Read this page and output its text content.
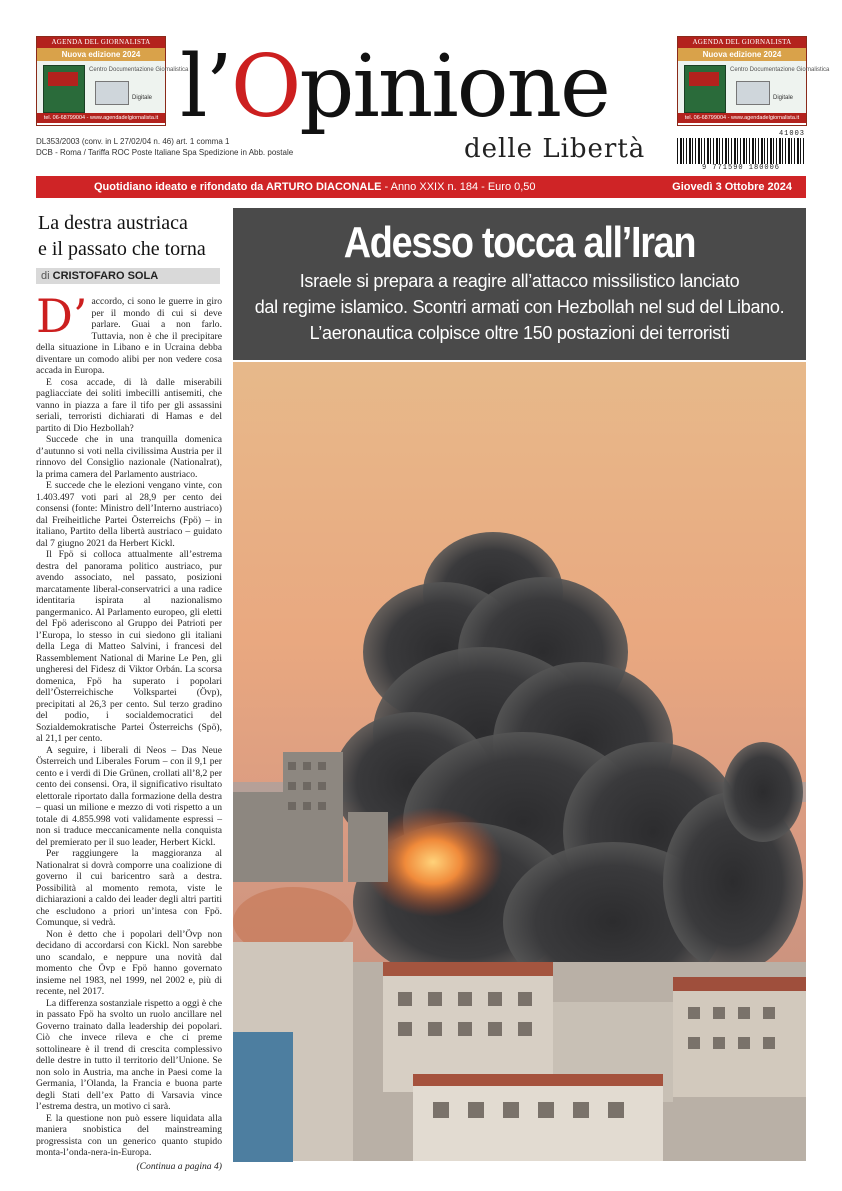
AGENDA DEL GIORNALISTA
Nuova edizione 2024
Centro Documentazione Giornalistica
Digitale
tel. 06-68799004 - www.agendadelgiornalista.it
AGENDA DEL GIORNALISTA
Nuova edizione 2024
Centro Documentazione Giornalistica
Digitale
tel. 06-68799004 - www.agendadelgiornalista.it
l’Opinione
delle Libertà
DL353/2003 (conv. in L 27/02/04 n. 46) art. 1 comma 1
DCB - Roma / Tariffa ROC Poste Italiane Spa Spedizione in Abb. postale
41003
9 771590 180006
Quotidiano ideato e rifondato da ARTURO DIACONALE - Anno XXIX n. 184 - Euro 0,50	Giovedì 3 Ottobre 2024
La destra austriaca
e il passato che torna
di CRISTOFARO SOLA
D’ accordo, ci sono le guerre in giro per il mondo di cui si deve parlare. Guai a non farlo. Tuttavia, non è che il precipitare della situazione in Libano e in Ucraina debba diventare un comodo alibi per non vedere cosa accada in Europa.

E cosa accade, di là dalle miserabili pagliacciate dei soliti imbecilli antisemiti, che vanno in piazza a fare il tifo per gli assassini seriali, terroristi dichiarati di Hamas e del partito di Dio Hezbollah?

Succede che in una tranquilla domenica d’autunno si voti nella civilissima Austria per il rinnovo del Consiglio nazionale (Nationalrat), la prima camera del Parlamento austriaco.

E succede che le elezioni vengano vinte, con 1.403.497 voti pari al 28,9 per cento dei consensi (fonte: Ministro dell’Interno austriaco) dal Freiheitliche Partei Österreichs (Fpö) – in italiano, Partito della libertà austriaco – guidato dal 7 giugno 2021 da Herbert Kickl.

Il Fpö si colloca attualmente all’estrema destra del panorama politico austriaco, pur avendo associato, nel passato, posizioni marcatamente liberal-conservatrici a una radice identitaria ispirata al nazionalismo pangermanico. Al Parlamento europeo, gli eletti del Fpö aderiscono al Gruppo dei Patrioti per l’Europa, lo stesso in cui siedono gli italiani della Lega di Matteo Salvini, i francesi del Rassemblement National di Marine Le Pen, gli ungheresi del Fidesz di Viktor Orbán. La scorsa domenica, Fpö ha superato i popolari dell’Österreichische Volkspartei (Övp), precipitati al 26,3 per cento. Sul terzo gradino del podio, i socialdemocratici del Sozialdemokratische Partei Österreichs (Spö), al 21,1 per cento.

A seguire, i liberali di Neos – Das Neue Österreich und Liberales Forum – con il 9,1 per cento e i verdi di Die Grünen, crollati all’8,2 per cento dei consensi. Ora, il significativo risultato elettorale riportato dalla formazione della destra – quasi un milione e mezzo di voti rispetto a un totale di 4.855.998 voti validamente espressi – non si traduce meccanicamente nella conquista del premierato per il suo leader, Herbert Kickl.

Per raggiungere la maggioranza al Nationalrat si dovrà comporre una coalizione di governo il cui baricentro sarà a destra. Possibilità al momento remota, viste le dichiarazioni a caldo dei leader degli altri partiti che escludono a priori un’intesa con Fpö. Comunque, si vedrà.

Non è detto che i popolari dell’Övp non decidano di accordarsi con Kickl. Non sarebbe uno scandalo, e neppure una novità dal momento che Övp e Fpö hanno governato insieme nel 1983, nel 1999, nel 2002 e, più di recente, nel 2017.

La differenza sostanziale rispetto a oggi è che in passato Fpö ha svolto un ruolo ancillare nel Governo trainato dalla leadership dei popolari. Ciò che invece rileva e che ci preme sottolineare è il trend di crescita complessivo delle destre in tutto il territorio dell’Unione. Se non solo in Austria, ma anche in Paesi come la Germania, l’Olanda, la Francia e buona parte degli Stati dell’ex Patto di Varsavia vince l’estrema destra, un motivo ci sarà.

E la questione non può essere liquidata alla maniera snobistica del mainstreaming progressista con un generico quanto stupido monta-l’onda-nera-in-Europa.

(Continua a pagina 4)
Adesso tocca all’Iran
Israele si prepara a reagire all’attacco missilistico lanciato
dal regime islamico. Scontri armati con Hezbollah nel sud del Libano.
L’aeronautica colpisce oltre 150 postazioni dei terroristi
